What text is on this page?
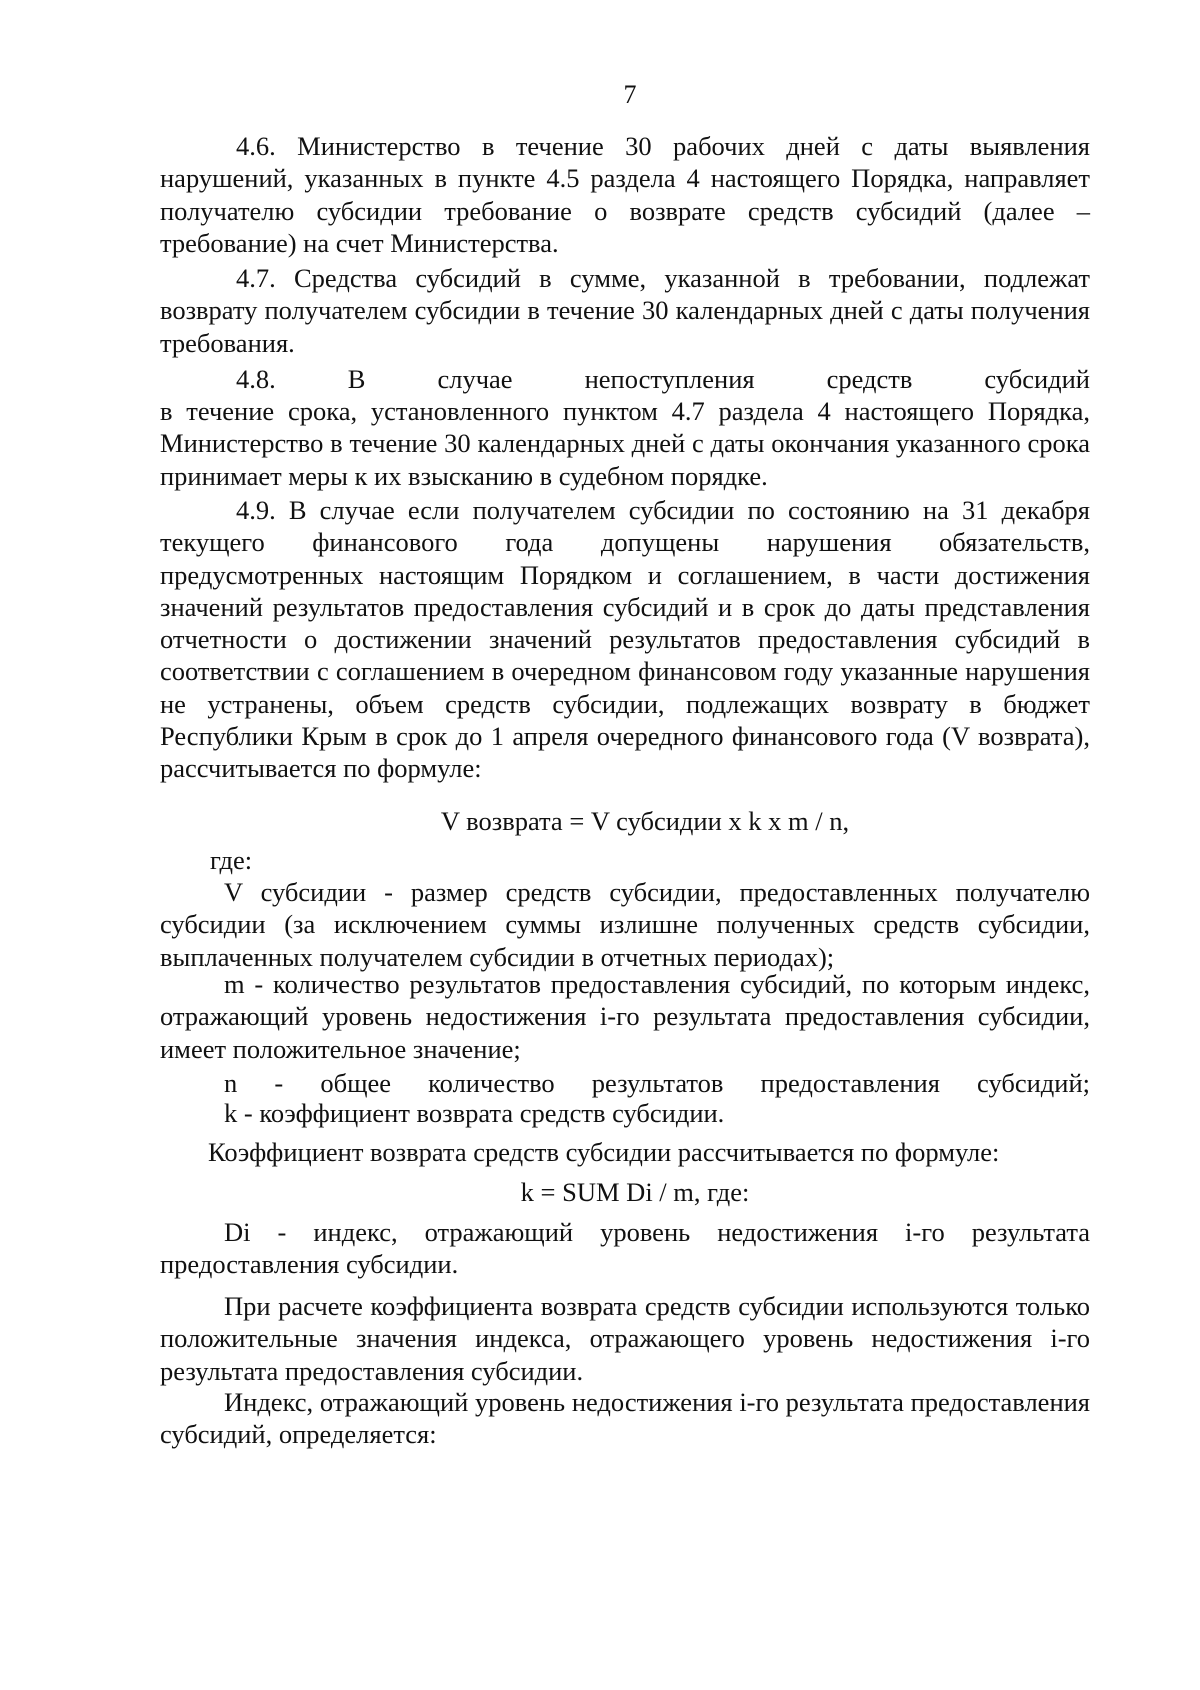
7

4.6. Министерство в течение 30 рабочих дней с даты выявления нарушений, указанных в пункте 4.5 раздела 4 настоящего Порядка, направляет получателю субсидии требование о возврате средств субсидий (далее – требование) на счет Министерства.

4.7. Средства субсидий в сумме, указанной в требовании, подлежат возврату получателем субсидии в течение 30 календарных дней с даты получения требования.

4.8. В случае непоступления средств субсидий

в течение срока, установленного пунктом 4.7 раздела 4 настоящего Порядка, Министерство в течение 30 календарных дней с даты окончания указанного срока принимает меры к их взысканию в судебном порядке.

4.9. В случае если получателем субсидии по состоянию на 31 декабря текущего финансового года допущены нарушения обязательств, предусмотренных настоящим Порядком и соглашением, в части достижения значений результатов предоставления субсидий и в срок до даты представления отчетности о достижении значений результатов предоставления субсидий в соответствии с соглашением в очередном финансовом году указанные нарушения не устранены, объем средств субсидии, подлежащих возврату в бюджет Республики Крым в срок до 1 апреля очередного финансового года (V возврата), рассчитывается по формуле:

V возврата = V субсидии х k х m / n,

где:

V субсидии - размер средств субсидии, предоставленных получателю субсидии (за исключением суммы излишне полученных средств субсидии, выплаченных получателем субсидии в отчетных периодах);

m - количество результатов предоставления субсидий, по которым индекс, отражающий уровень недостижения i-го результата предоставления субсидии, имеет положительное значение;

n - общее количество результатов предоставления субсидий;

k - коэффициент возврата средств субсидии.

Коэффициент возврата средств субсидии рассчитывается по формуле:

k = SUM Di / m, где:

Di - индекс, отражающий уровень недостижения i-го результата предоставления субсидии.

При расчете коэффициента возврата средств субсидии используются только положительные значения индекса, отражающего уровень недостижения i-го результата предоставления субсидии.

Индекс, отражающий уровень недостижения i-го результата предоставления субсидий, определяется:
